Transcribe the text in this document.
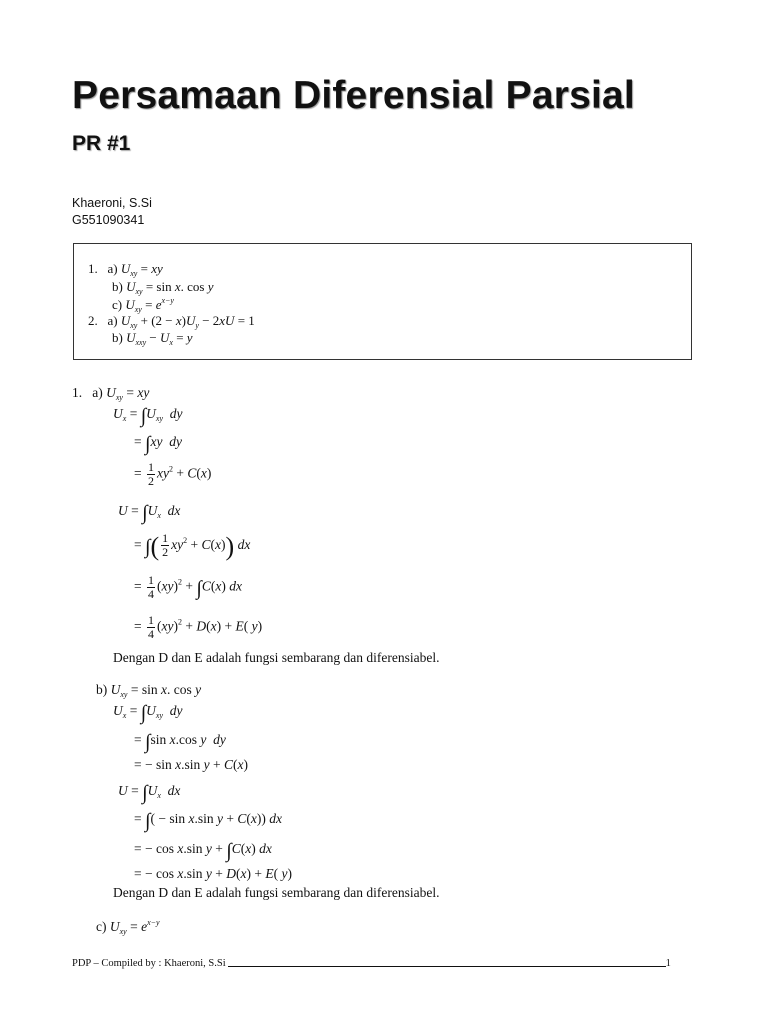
Persamaan Diferensial Parsial
PR #1
Khaeroni, S.Si
G551090341
1.   a) $U_{xy}$ = xy
b) $U_{xy} = \sin x$. cos y
c) $U_{xy} = e^{x-y}$
2.   a) $U_{xy} + (2 - x)U_y - 2xU = 1$
b) $U_{xxy} - U_x = y$
1. a) $U_{xy}$ = xy
$U_x = \int U_{xy}$ dy
= ∫xy dy
= $\frac{1}{2} xy^2 + C(x)$
$U = \int U_x$ dx
= ∫( $\frac{1}{2} xy^2 + C(x)$) dx
= $\frac{1}{4} (xy)^2 + \int C(x)$ dx
= $\frac{1}{4} (xy)^2 + D(x) + E$( y)
Dengan D dan E adalah fungsi sembarang dan diferensiabel.
b) $U_{xy} = \sin x$. cos y
$U_x = \int U_{xy}$ dy
= ∫sin x.cos y dy
= − sin x.sin y + C(x)
$U = \int U_x$ dx
= ∫( − sin x.sin y + C(x)) dx
= − cos x.sin y + ∫C(x) dx
= − cos x.sin y + D(x) + E( y)
Dengan D dan E adalah fungsi sembarang dan diferensiabel.
c) $U_{xy} = e^{x-y}$
PDP – Compiled by : Khaeroni, S.Si	1
